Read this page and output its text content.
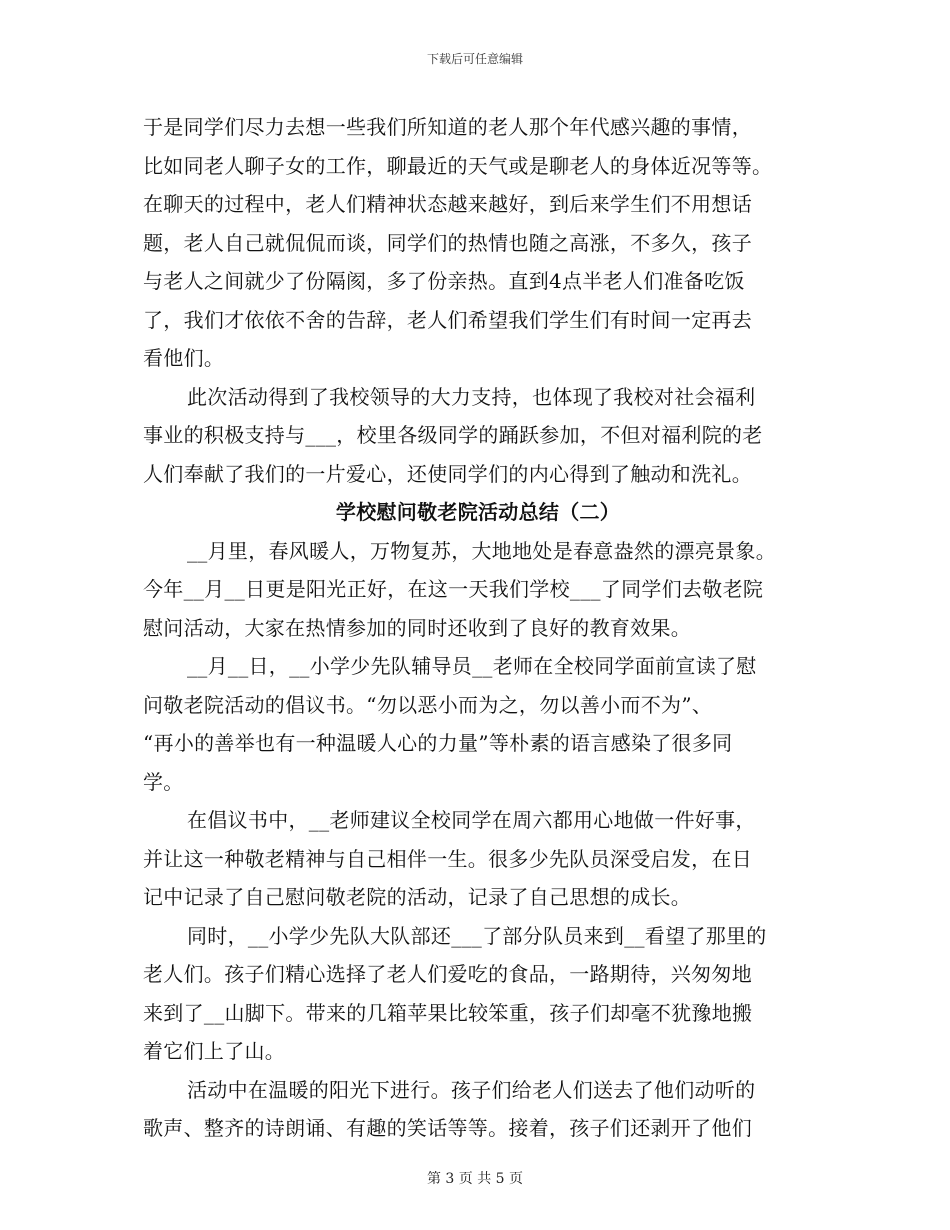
下载后可任意编辑
于是同学们尽力去想一些我们所知道的老人那个年代感兴趣的事情，
比如同老人聊子女的工作，聊最近的天气或是聊老人的身体近况等等。
在聊天的过程中，老人们精神状态越来越好，到后来学生们不用想话
题，老人自己就侃侃而谈，同学们的热情也随之高涨，不多久，孩子
与老人之间就少了份隔阂，多了份亲热。直到4点半老人们准备吃饭
了，我们才依依不舍的告辞，老人们希望我们学生们有时间一定再去
看他们。
此次活动得到了我校领导的大力支持，也体现了我校对社会福利
事业的积极支持与___，校里各级同学的踊跃参加，不但对福利院的老
人们奉献了我们的一片爱心，还使同学们的内心得到了触动和洗礼。
学校慰问敬老院活动总结（二）
__月里，春风暖人，万物复苏，大地地处是春意盎然的漂亮景象。
今年__月__日更是阳光正好，在这一天我们学校___了同学们去敬老院
慰问活动，大家在热情参加的同时还收到了良好的教育效果。
__月__日，__小学少先队辅导员__老师在全校同学面前宣读了慰
问敬老院活动的倡议书。“勿以恶小而为之，勿以善小而不为”、
“再小的善举也有一种温暖人心的力量”等朴素的语言感染了很多同
学。
在倡议书中，__老师建议全校同学在周六都用心地做一件好事，
并让这一种敬老精神与自己相伴一生。很多少先队员深受启发，在日
记中记录了自己慰问敬老院的活动，记录了自己思想的成长。
同时，__小学少先队大队部还___了部分队员来到__看望了那里的
老人们。孩子们精心选择了老人们爱吃的食品，一路期待，兴匆匆地
来到了__山脚下。带来的几箱苹果比较笨重，孩子们却毫不犹豫地搬
着它们上了山。
活动中在温暖的阳光下进行。孩子们给老人们送去了他们动听的
歌声、整齐的诗朗诵、有趣的笑话等等。接着，孩子们还剥开了他们
第 3 页 共 5 页
